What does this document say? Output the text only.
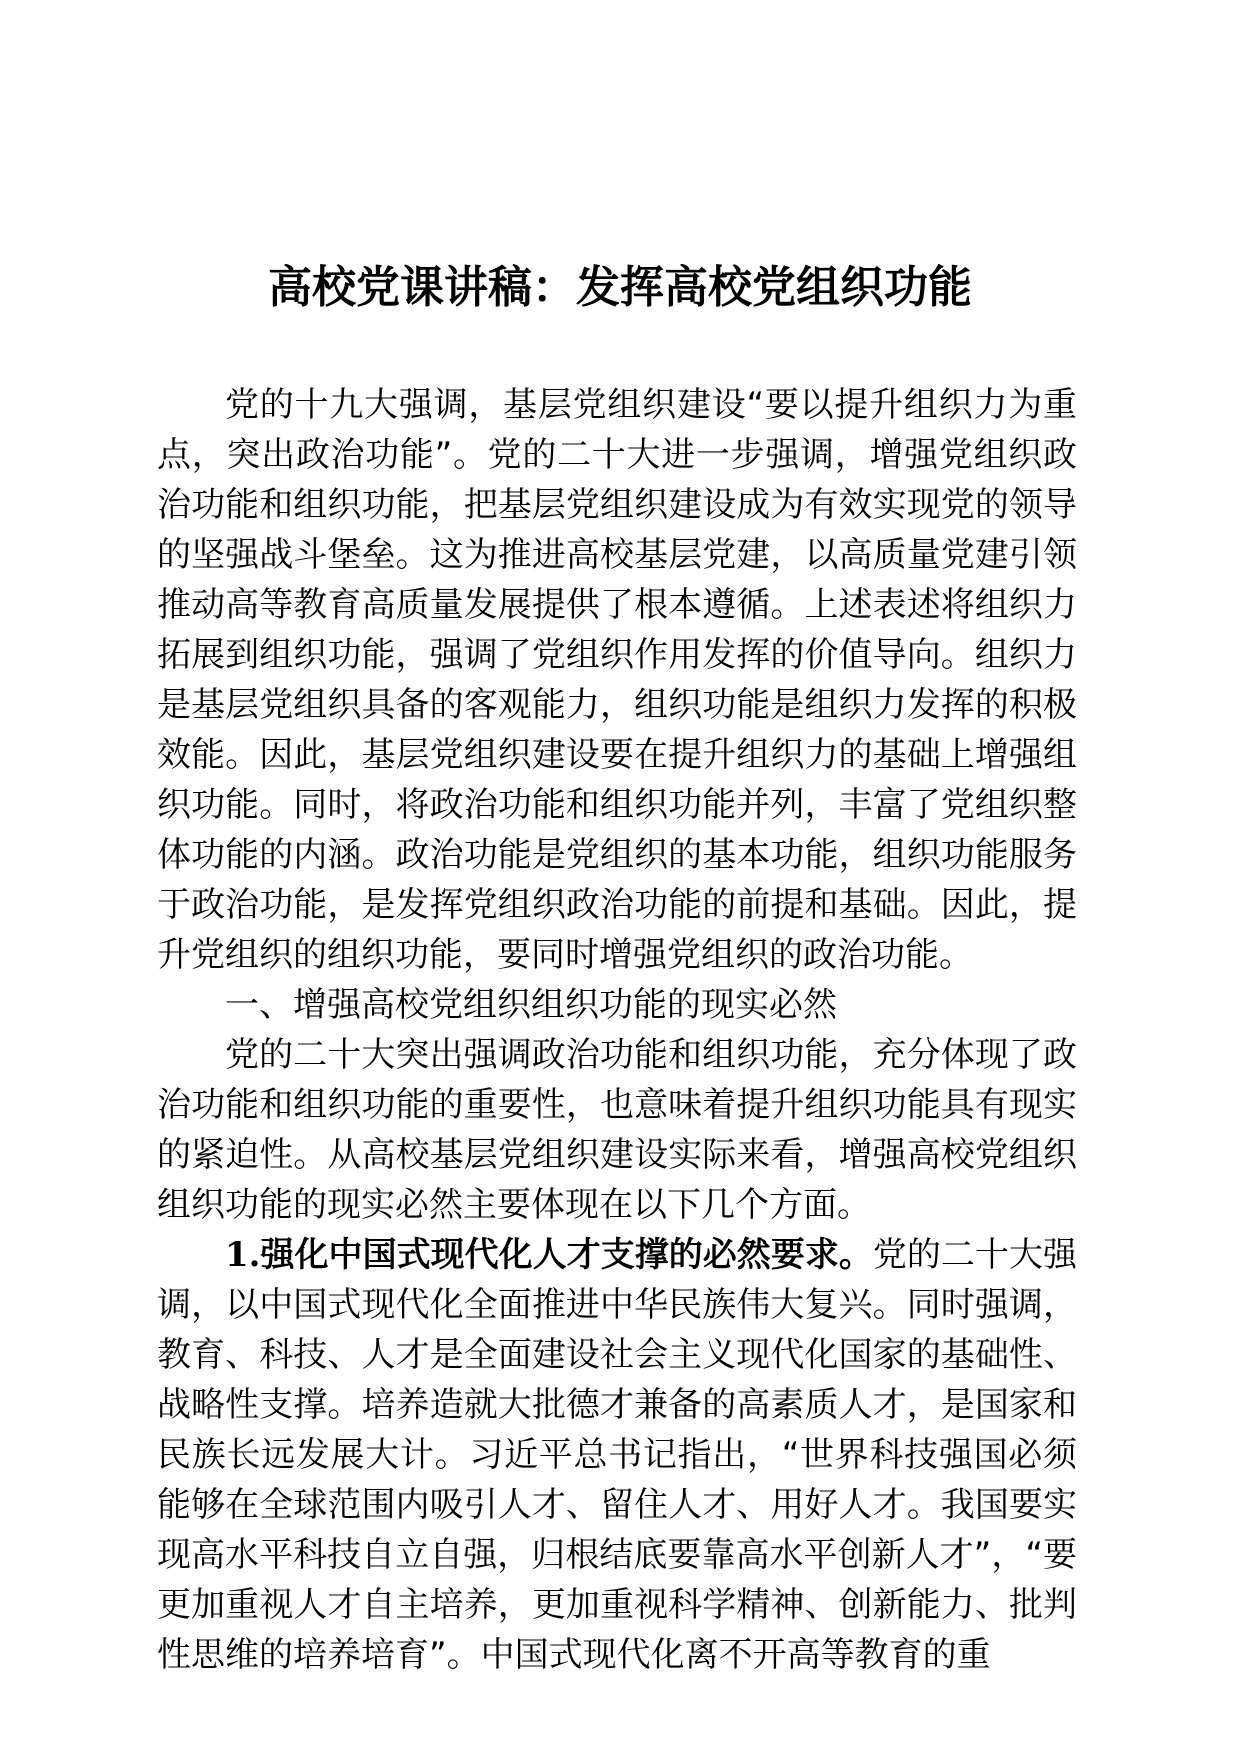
高校党课讲稿：发挥高校党组织功能

党的十九大强调，基层党组织建设“要以提升组织力为重点，突出政治功能”。党的二十大进一步强调，增强党组织政治功能和组织功能，把基层党组织建设成为有效实现党的领导的坚强战斗堡垒。这为推进高校基层党建，以高质量党建引领推动高等教育高质量发展提供了根本遵循。上述表述将组织力拓展到组织功能，强调了党组织作用发挥的价值导向。组织力是基层党组织具备的客观能力，组织功能是组织力发挥的积极效能。因此，基层党组织建设要在提升组织力的基础上增强组织功能。同时，将政治功能和组织功能并列，丰富了党组织整体功能的内涵。政治功能是党组织的基本功能，组织功能服务于政治功能，是发挥党组织政治功能的前提和基础。因此，提升党组织的组织功能，要同时增强党组织的政治功能。

一、增强高校党组织组织功能的现实必然

党的二十大突出强调政治功能和组织功能，充分体现了政治功能和组织功能的重要性，也意味着提升组织功能具有现实的紧迫性。从高校基层党组织建设实际来看，增强高校党组织组织功能的现实必然主要体现在以下几个方面。

1.强化中国式现代化人才支撑的必然要求。党的二十大强调，以中国式现代化全面推进中华民族伟大复兴。同时强调，教育、科技、人才是全面建设社会主义现代化国家的基础性、战略性支撑。培养造就大批德才兼备的高素质人才，是国家和民族长远发展大计。习近平总书记指出，“世界科技强国必须能够在全球范围内吸引人才、留住人才、用好人才。我国要实现高水平科技自立自强，归根结底要靠高水平创新人才”，“要更加重视人才自主培养，更加重视科学精神、创新能力、批判性思维的培养培育”。中国式现代化离不开高等教育的重
